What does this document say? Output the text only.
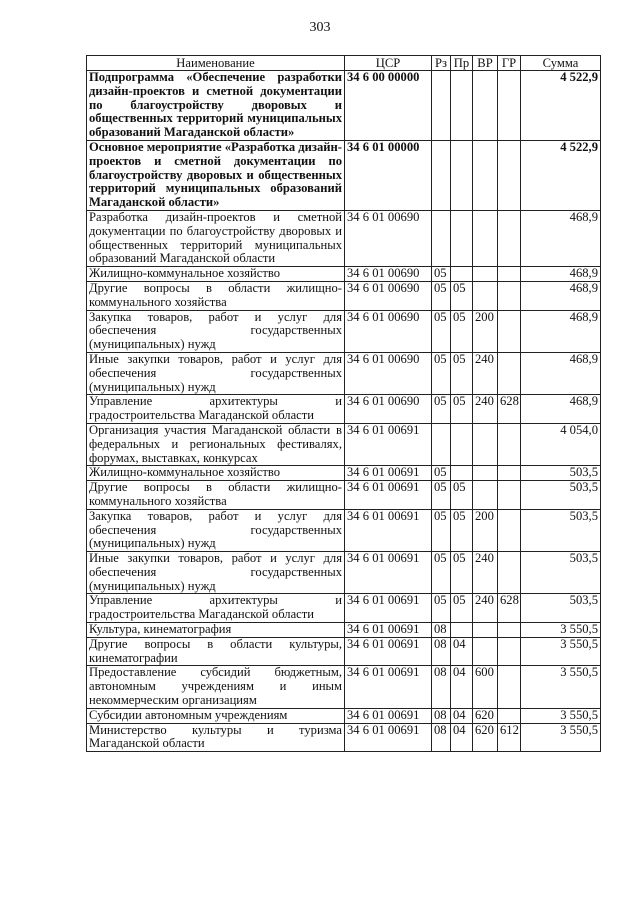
303
Наименование	ЦСР	Рз	Пр	ВР	ГР	Сумма
Подпрограмма «Обеспечение разработки дизайн-проектов и сметной документации по благоустройству дворовых и общественных территорий муниципальных образований Магаданской области»	34 6 00 00000					4 522,9
Основное мероприятие «Разработка дизайн-проектов и сметной документации по благоустройству дворовых и общественных территорий муниципальных образований Магаданской области»	34 6 01 00000					4 522,9
Разработка дизайн-проектов и сметной документации по благоустройству дворовых и общественных территорий муниципальных образований Магаданской области	34 6 01 00690					468,9
Жилищно-коммунальное хозяйство	34 6 01 00690	05				468,9
Другие вопросы в области жилищно-коммунального хозяйства	34 6 01 00690	05	05			468,9
Закупка товаров, работ и услуг для обеспечения государственных (муниципальных) нужд	34 6 01 00690	05	05	200		468,9
Иные закупки товаров, работ и услуг для обеспечения государственных (муниципальных) нужд	34 6 01 00690	05	05	240		468,9
Управление архитектуры и градостроительства Магаданской области	34 6 01 00690	05	05	240	628	468,9
Организация участия Магаданской области в федеральных и региональных фестивалях, форумах, выставках, конкурсах	34 6 01 00691					4 054,0
Жилищно-коммунальное хозяйство	34 6 01 00691	05				503,5
Другие вопросы в области жилищно-коммунального хозяйства	34 6 01 00691	05	05			503,5
Закупка товаров, работ и услуг для обеспечения государственных (муниципальных) нужд	34 6 01 00691	05	05	200		503,5
Иные закупки товаров, работ и услуг для обеспечения государственных (муниципальных) нужд	34 6 01 00691	05	05	240		503,5
Управление архитектуры и градостроительства Магаданской области	34 6 01 00691	05	05	240	628	503,5
Культура, кинематография	34 6 01 00691	08				3 550,5
Другие вопросы в области культуры, кинематографии	34 6 01 00691	08	04			3 550,5
Предоставление субсидий бюджетным, автономным учреждениям и иным некоммерческим организациям	34 6 01 00691	08	04	600		3 550,5
Субсидии автономным учреждениям	34 6 01 00691	08	04	620		3 550,5
Министерство культуры и туризма Магаданской области	34 6 01 00691	08	04	620	612	3 550,5
